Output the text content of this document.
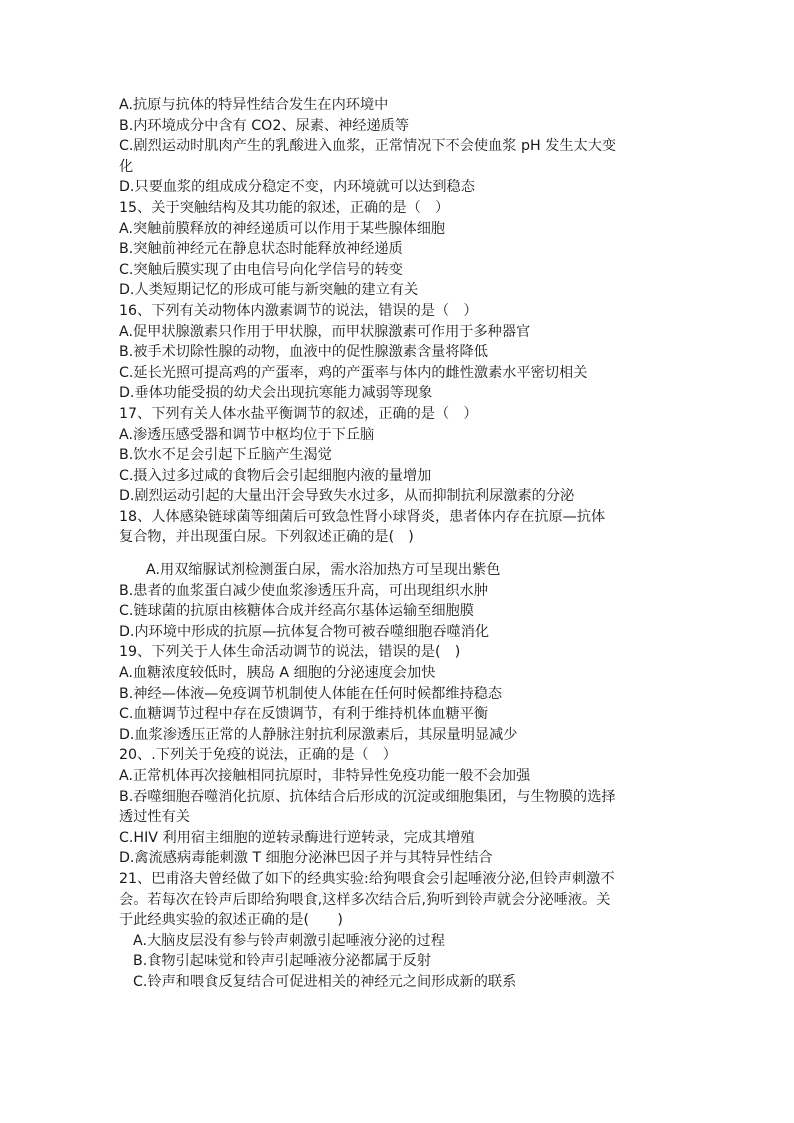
A.抗原与抗体的特异性结合发生在内环境中
B.内环境成分中含有 CO2、尿素、神经递质等
C.剧烈运动时肌肉产生的乳酸进入血浆，正常情况下不会使血浆 pH 发生太大变
化
D.只要血浆的组成成分稳定不变，内环境就可以达到稳态
15、关于突触结构及其功能的叙述，正确的是（　）
A.突触前膜释放的神经递质可以作用于某些腺体细胞
B.突触前神经元在静息状态时能释放神经递质
C.突触后膜实现了由电信号向化学信号的转变
D.人类短期记忆的形成可能与新突触的建立有关
16、下列有关动物体内激素调节的说法，错误的是（　）
A.促甲状腺激素只作用于甲状腺，而甲状腺激素可作用于多种器官
B.被手术切除性腺的动物，血液中的促性腺激素含量将降低
C.延长光照可提高鸡的产蛋率，鸡的产蛋率与体内的雌性激素水平密切相关
D.垂体功能受损的幼犬会出现抗寒能力减弱等现象
17、下列有关人体水盐平衡调节的叙述，正确的是（　）
A.渗透压感受器和调节中枢均位于下丘脑
B.饮水不足会引起下丘脑产生渴觉
C.摄入过多过咸的食物后会引起细胞内液的量增加
D.剧烈运动引起的大量出汗会导致失水过多，从而抑制抗利尿激素的分泌
18、人体感染链球菌等细菌后可致急性肾小球肾炎，患者体内存在抗原—抗体
复合物，并出现蛋白尿。下列叙述正确的是(　)
A.用双缩脲试剂检测蛋白尿，需水浴加热方可呈现出紫色
B.患者的血浆蛋白减少使血浆渗透压升高，可出现组织水肿
C.链球菌的抗原由核糖体合成并经高尔基体运输至细胞膜
D.内环境中形成的抗原—抗体复合物可被吞噬细胞吞噬消化
19、下列关于人体生命活动调节的说法，错误的是(　)
A.血糖浓度较低时，胰岛 A 细胞的分泌速度会加快
B.神经—体液—免疫调节机制使人体能在任何时候都维持稳态
C.血糖调节过程中存在反馈调节，有利于维持机体血糖平衡
D.血浆渗透压正常的人静脉注射抗利尿激素后，其尿量明显减少
20、.下列关于免疫的说法，正确的是（　）
A.正常机体再次接触相同抗原时，非特异性免疫功能一般不会加强
B.吞噬细胞吞噬消化抗原、抗体结合后形成的沉淀或细胞集团，与生物膜的选择
透过性有关
C.HIV 利用宿主细胞的逆转录酶进行逆转录，完成其增殖
D.禽流感病毒能刺激 T 细胞分泌淋巴因子并与其特异性结合
21、巴甫洛夫曾经做了如下的经典实验:给狗喂食会引起唾液分泌,但铃声刺激不
会。若每次在铃声后即给狗喂食,这样多次结合后,狗听到铃声就会分泌唾液。关
于此经典实验的叙述正确的是(　　)
A.大脑皮层没有参与铃声刺激引起唾液分泌的过程
B.食物引起味觉和铃声引起唾液分泌都属于反射
C.铃声和喂食反复结合可促进相关的神经元之间形成新的联系
